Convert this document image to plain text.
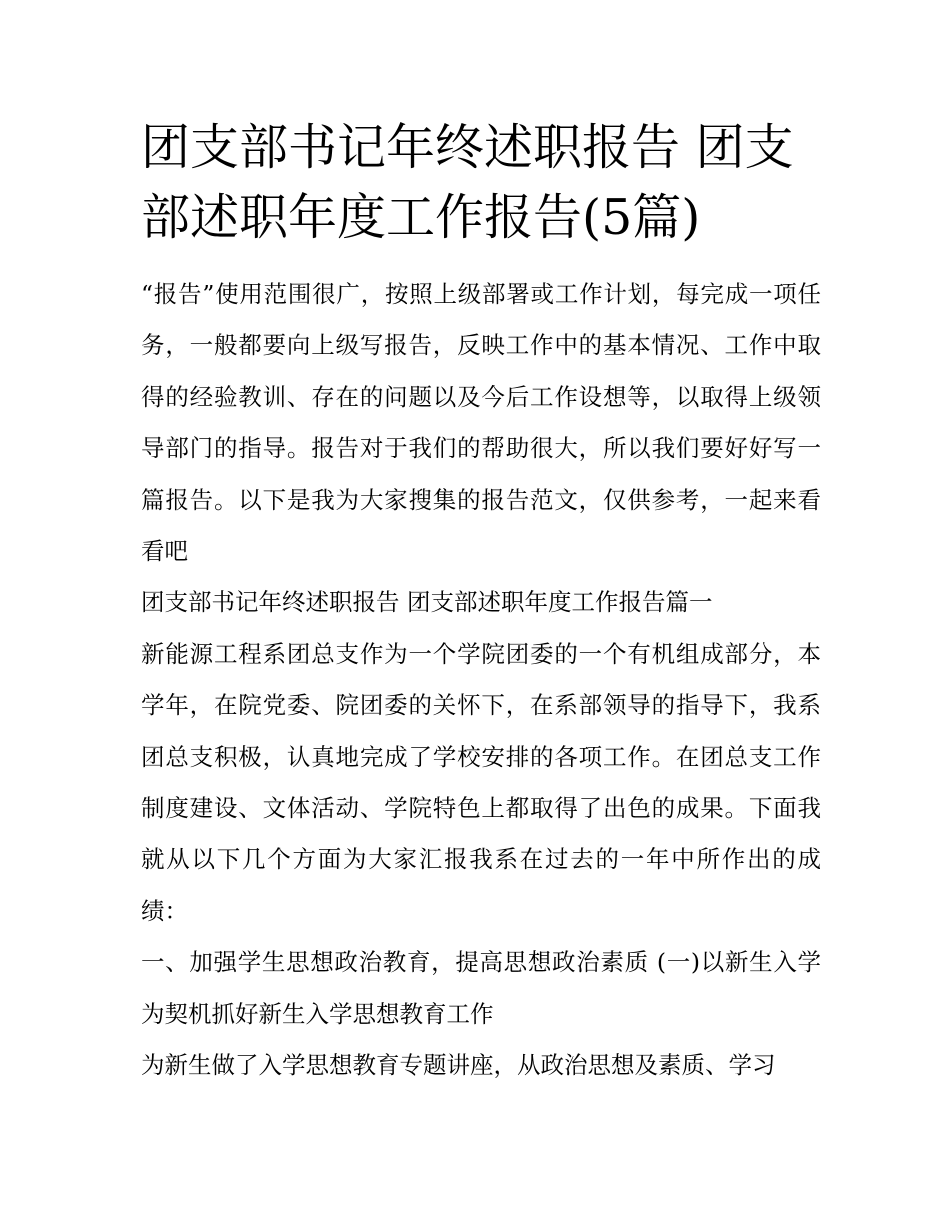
团支部书记年终述职报告 团支部述职年度工作报告(5篇)

“报告”使用范围很广，按照上级部署或工作计划，每完成一项任务，一般都要向上级写报告，反映工作中的基本情况、工作中取得的经验教训、存在的问题以及今后工作设想等，以取得上级领导部门的指导。报告对于我们的帮助很大，所以我们要好好写一篇报告。以下是我为大家搜集的报告范文，仅供参考，一起来看看吧

团支部书记年终述职报告 团支部述职年度工作报告篇一

新能源工程系团总支作为一个学院团委的一个有机组成部分，本学年，在院党委、院团委的关怀下，在系部领导的指导下，我系团总支积极，认真地完成了学校安排的各项工作。在团总支工作制度建设、文体活动、学院特色上都取得了出色的成果。下面我就从以下几个方面为大家汇报我系在过去的一年中所作出的成绩：

一、加强学生思想政治教育，提高思想政治素质 (一)以新生入学为契机抓好新生入学思想教育工作

为新生做了入学思想教育专题讲座，从政治思想及素质、学习
